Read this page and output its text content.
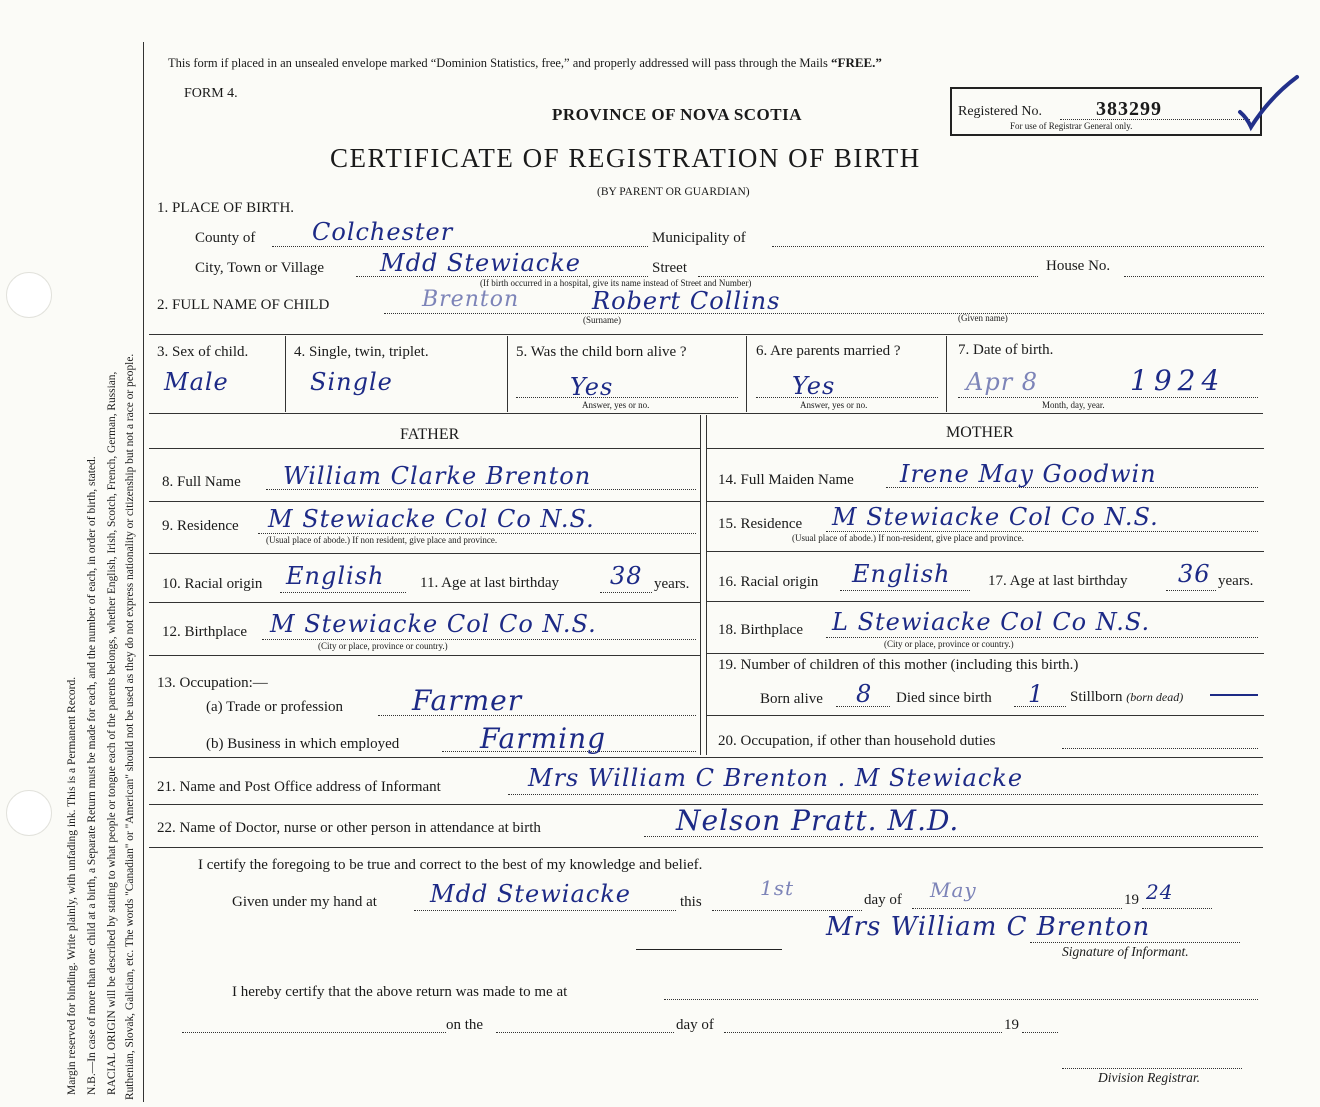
Margin reserved for binding. Write plainly, with unfading ink. This is a Permanent Record. N.B.—In case of more than one child at a birth, a Separate Return must be made for each, and the number of each, in order of birth, stated. RACIAL ORIGIN will be described by stating to what people or tongue each of the parents belongs, whether English, Irish, Scotch, French, German, Russian, Ruthenian, Slovak, Galician, etc. The words "Canadian" or "American" should not be used as they do not express nationality or citizenship but not a race or people.
This form if placed in an unsealed envelope marked “Dominion Statistics, free,” and properly addressed will pass through the Mails “FREE.”
FORM 4.
PROVINCE OF NOVA SCOTIA
CERTIFICATE OF REGISTRATION OF BIRTH
(BY PARENT OR GUARDIAN)
Registered No.	383299
For use of Registrar General only.
1. PLACE OF BIRTH.
County of Colchester	Municipality of
City, Town or Village Mdd Stewiacke	Street	House No.
(If birth occurred in a hospital, give its name instead of Street and Number)
2. FULL NAME OF CHILD	Brenton	Robert Collins
(Surname)	(Given name)
3. Sex of child.
Male
4. Single, twin, triplet.
Single
5. Was the child born alive ?
Yes
Answer, yes or no.
6. Are parents married ?
Yes
Answer, yes or no.
7. Date of birth.
Apr 8	1924
Month, day, year.
FATHER	MOTHER
8. Full Name William Clarke Brenton
9. Residence M Stewiacke Col Co N.S.
(Usual place of abode.) If non resident, give place and province.
10. Racial origin English 11. Age at last birthday 38 years.
12. Birthplace M Stewiacke Col Co N.S.
(City or place, province or country.)
13. Occupation:—
(a) Trade or profession Farmer
(b) Business in which employed	Farming
14. Full Maiden Name Irene May Goodwin
15. Residence M Stewiacke Col Co N.S.
(Usual place of abode.) If non-resident, give place and province.
16. Racial origin English	17. Age at last birthday 36 years.
18. Birthplace L Stewiacke Col Co N.S.
(City or place, province or country.)
19. Number of children of this mother (including this birth.)
Born alive 8 Died since birth 1 Stillborn (born dead)
20. Occupation, if other than household duties
21. Name and Post Office address of Informant	Mrs William C Brenton . M Stewiacke
22. Name of Doctor, nurse or other person in attendance at birth	Nelson Pratt. M.D.
I certify the foregoing to be true and correct to the best of my knowledge and belief.
Given under my hand at Mdd Stewiacke	this
1st	day of May	19 24
Mrs William C Brenton
Signature of Informant.
I hereby certify that the above return was made to me at
on the	day of	19
Division Registrar.
